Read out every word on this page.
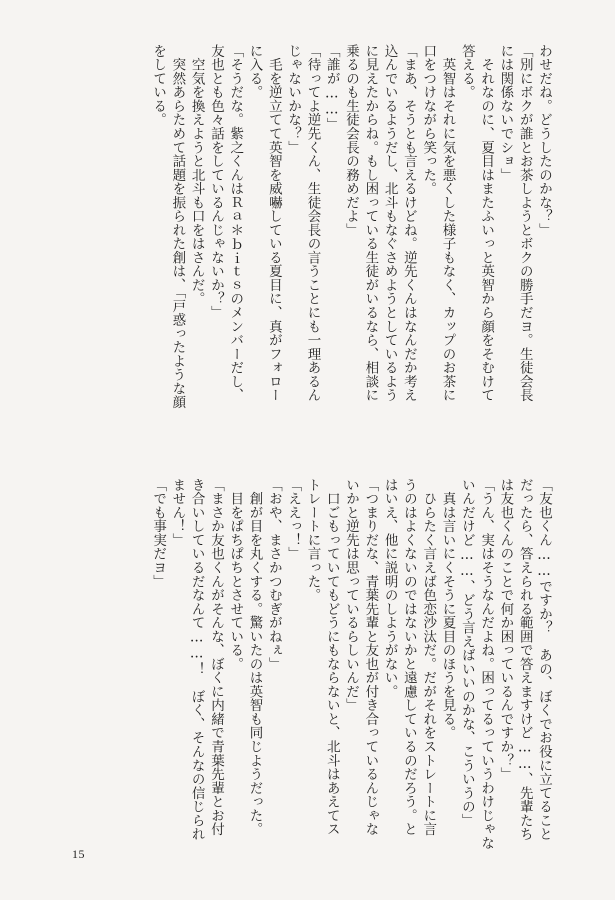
わせだね。どうしたのかな？」
「別にボクが誰とお茶しようとボクの勝手だヨ。生徒会長
には関係ないでショ」
　それなのに、夏目はまたふいっと英智から顔をそむけて
答える。
　英智はそれに気を悪くした様子もなく、カップのお茶に
口をつけながら笑った。
「まあ、そうとも言えるけどね。逆先くんはなんだか考え
込んでいるようだし、北斗もなぐさめようとしているよう
に見えたからね。もし困っている生徒がいるなら、相談に
乗るのも生徒会長の務めだよ」
「誰が……」
「待ってよ逆先くん、生徒会長の言うことにも一理あるん
じゃないかな？」
　毛を逆立てて英智を威嚇している夏目に、真がフォロー
に入る。
「そうだな。紫之くんはＲａ＊ｂｉｔｓのメンバーだし、
友也とも色々話をしているんじゃないか？」
　空気を換えようと北斗も口をはさんだ。
　突然あらためて話題を振られた創は、「戸惑ったような顔
をしている。
「友也くん……ですか？　あの、ぼくでお役に立てること
だったら、答えられる範囲で答えますけど……、先輩たち
は友也くんのことで何か困っているんですか？」
「うん、実はそうなんだよね。困ってるっていうわけじゃな
いんだけど……、どう言えばいいのかな、こういうの」
　真は言いにくそうに夏目のほうを見る。
　ひらたく言えば色恋沙汰だ。だがそれをストレートに言
うのはよくないのではないかと遠慮しているのだろう。と
はいえ、他に説明のしようがない。
「つまりだな、青葉先輩と友也が付き合っているんじゃな
いかと逆先は思っているらしいんだ」
　口ごもっていてもどうにもならないと、北斗はあえてス
トレートに言った。
「ええっ！」
「おや、まさかつむぎがねぇ」
　創が目を丸くする。驚いたのは英智も同じようだった。
　目をぱちぱちとさせている。
「まさか友也くんがそんな、ぼくに内緒で青葉先輩とお付
き合いしているだなんて……！　ぼく、そんなの信じられ
ません！」
「でも事実だヨ」
15
